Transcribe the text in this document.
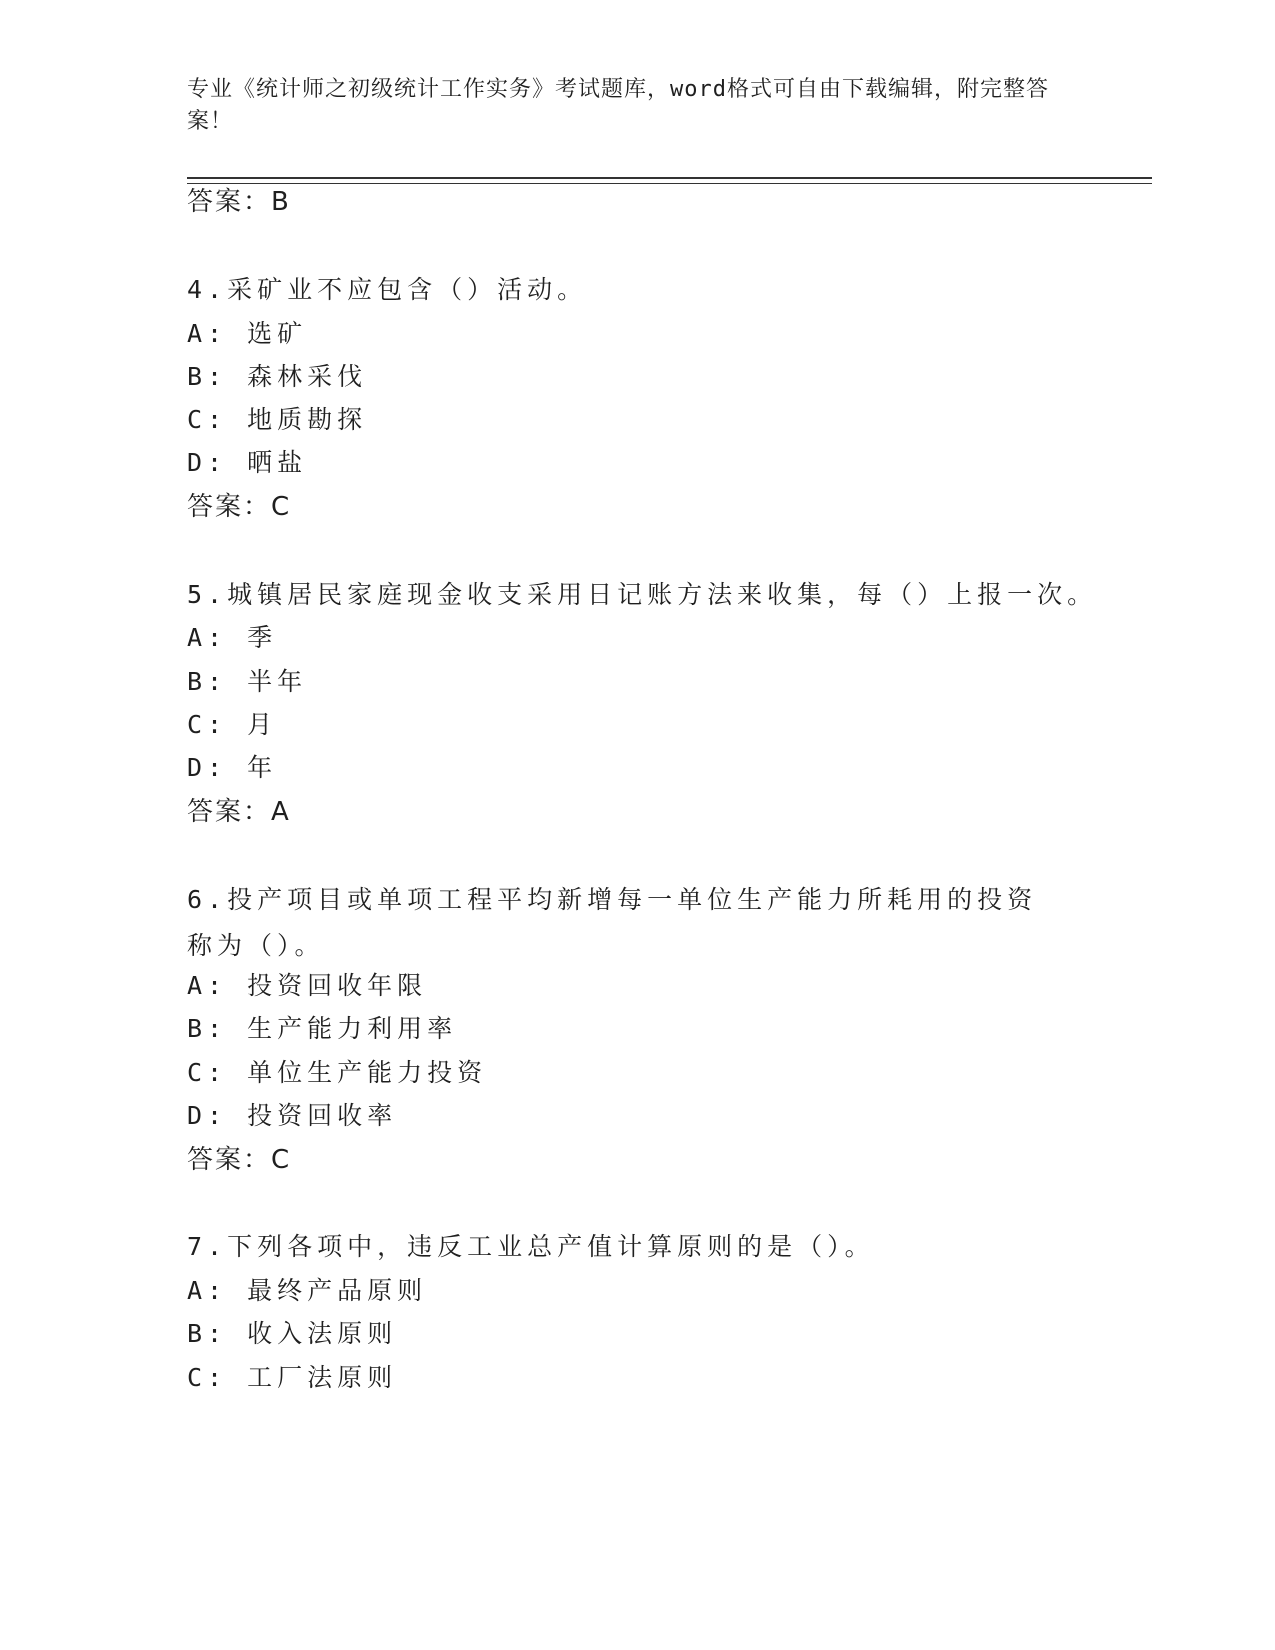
专业《统计师之初级统计工作实务》考试题库，word格式可自由下载编辑，附完整答案！
答案：B
4.采矿业不应包含（）活动。
A: 选矿
B: 森林采伐
C: 地质勘探
D: 晒盐
答案：C
5.城镇居民家庭现金收支采用日记账方法来收集，每（）上报一次。
A: 季
B: 半年
C: 月
D: 年
答案：A
6.投产项目或单项工程平均新增每一单位生产能力所耗用的投资称为（）。
A: 投资回收年限
B: 生产能力利用率
C: 单位生产能力投资
D: 投资回收率
答案：C
7.下列各项中，违反工业总产值计算原则的是（）。
A: 最终产品原则
B: 收入法原则
C: 工厂法原则
